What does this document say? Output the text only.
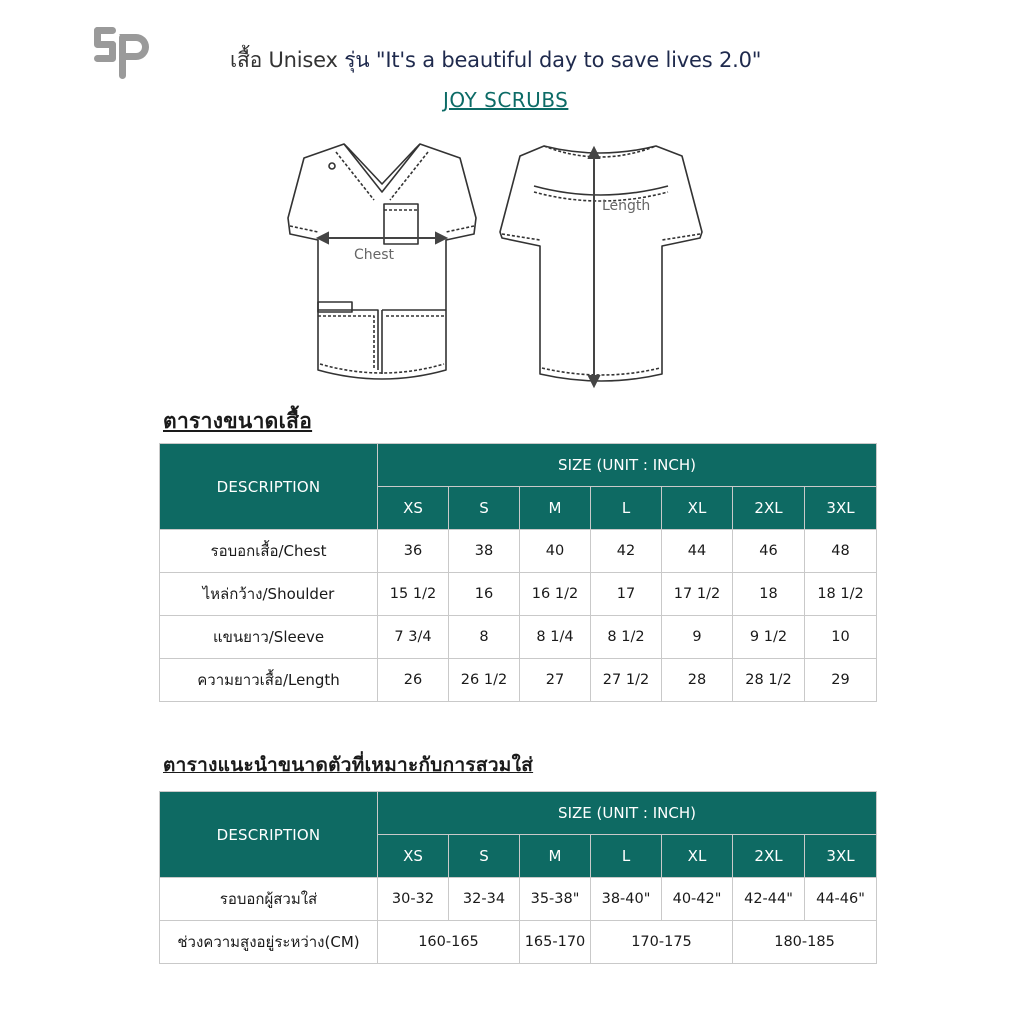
เสื้อ Unisex รุ่น "It's a beautiful day to save lives 2.0"
JOY SCRUBS
Chest
Length
ตารางขนาดเสื้อ
DESCRIPTION	SIZE (UNIT : INCH)						
	XS	S	M	L	XL	2XL	3XL
รอบอกเสื้อ/Chest	36	38	40	42	44	46	48
ไหล่กว้าง/Shoulder	15 1/2	16	16 1/2	17	17 1/2	18	18 1/2
แขนยาว/Sleeve	7 3/4	8	8 1/4	8 1/2	9	9 1/2	10
ความยาวเสื้อ/Length	26	26 1/2	27	27 1/2	28	28 1/2	29
ตารางแนะนำขนาดตัวที่เหมาะกับการสวมใส่
DESCRIPTION	SIZE (UNIT : INCH)						
	XS	S	M	L	XL	2XL	3XL
รอบอกผู้สวมใส่	30-32	32-34	35-38"	38-40"	40-42"	42-44"	44-46"
ช่วงความสูงอยู่ระหว่าง(CM)	160-165		165-170	170-175		180-185	
